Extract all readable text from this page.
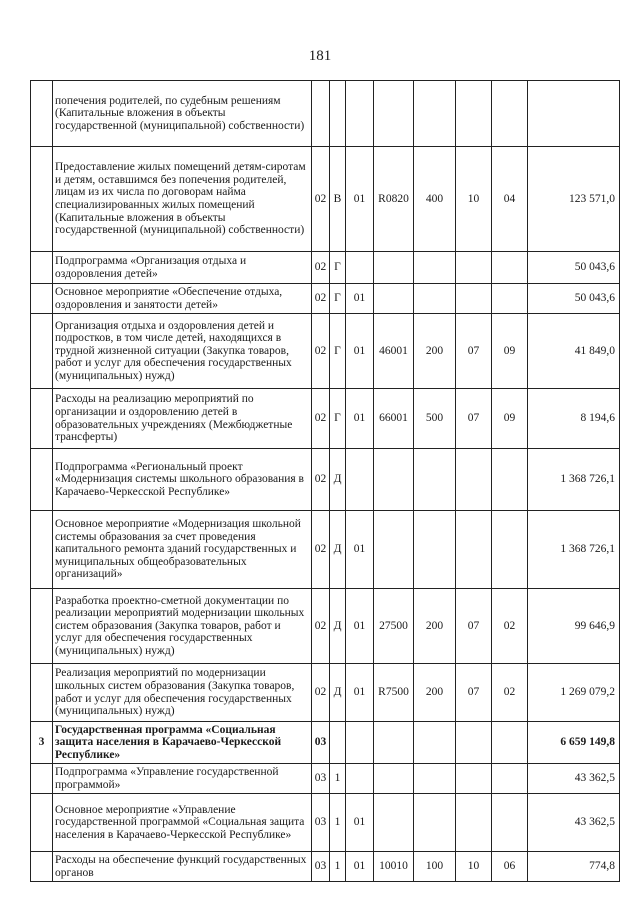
181
	попечения родителей, по судебным решениям (Капитальные вложения в объекты государственной (муниципальной) собственности)								
	Предоставление жилых помещений детям-сиротам и детям, оставшимся без попечения родителей, лицам из их числа по договорам найма специализированных жилых помещений (Капитальные вложения в объекты государственной (муниципальной) собственности)	02	В	01	R0820	400	10	04	123 571,0
	Подпрограмма «Организация отдыха и оздоровления детей»	02	Г						50 043,6
	Основное мероприятие «Обеспечение отдыха, оздоровления и занятости детей»	02	Г	01					50 043,6
	Организация отдыха и оздоровления детей и подростков, в том числе детей, находящихся в трудной жизненной ситуации (Закупка товаров, работ и услуг для обеспечения государственных (муниципальных) нужд)	02	Г	01	46001	200	07	09	41 849,0
	Расходы на реализацию мероприятий по организации и оздоровлению детей в образовательных учреждениях (Межбюджетные трансферты)	02	Г	01	66001	500	07	09	8 194,6
	Подпрограмма «Региональный проект «Модернизация системы школьного образования в Карачаево-Черкесской Республике»	02	Д						1 368 726,1
	Основное мероприятие «Модернизация школьной системы образования за счет проведения капитального ремонта зданий государственных и муниципальных общеобразовательных организаций»	02	Д	01					1 368 726,1
	Разработка проектно-сметной документации по реализации мероприятий модернизации школьных систем образования (Закупка товаров, работ и услуг для обеспечения государственных (муниципальных) нужд)	02	Д	01	27500	200	07	02	99 646,9
	Реализация мероприятий по модернизации школьных систем образования (Закупка товаров, работ и услуг для обеспечения государственных (муниципальных) нужд)	02	Д	01	R7500	200	07	02	1 269 079,2
3	Государственная программа «Социальная защита населения в Карачаево-Черкесской Республике»	03							6 659 149,8
	Подпрограмма «Управление государственной программой»	03	1						43 362,5
	Основное мероприятие «Управление государственной программой «Социальная защита населения в Карачаево-Черкесской Республике»	03	1	01					43 362,5
	Расходы на обеспечение функций государственных органов	03	1	01	10010	100	10	06	774,8
